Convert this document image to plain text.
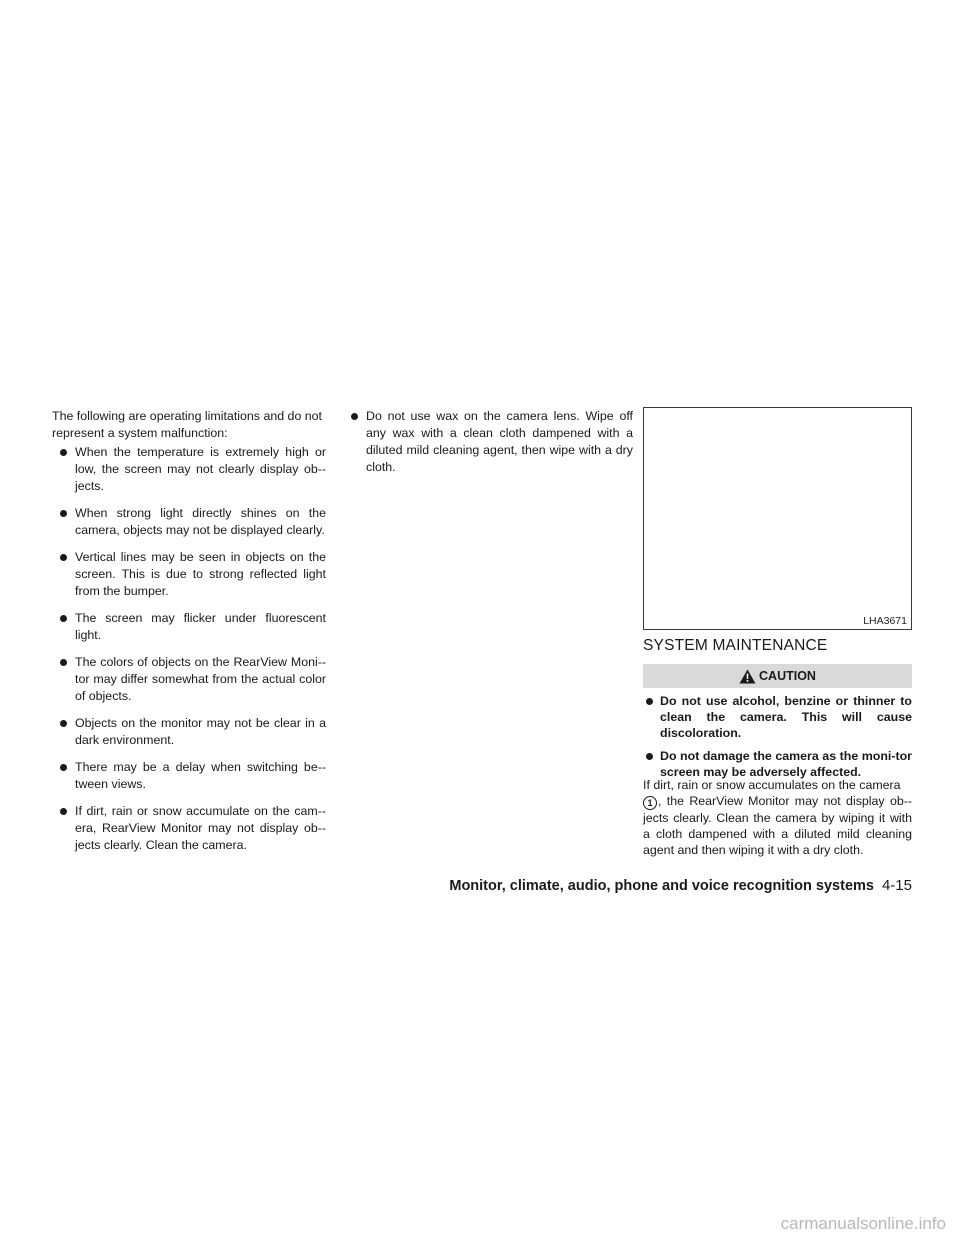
The following are operating limitations and do not represent a system malfunction:
When the temperature is extremely high or low, the screen may not clearly display ob-jects.
When strong light directly shines on the camera, objects may not be displayed clearly.
Vertical lines may be seen in objects on the screen. This is due to strong reflected light from the bumper.
The screen may flicker under fluorescent light.
The colors of objects on the RearView Moni-tor may differ somewhat from the actual color of objects.
Objects on the monitor may not be clear in a dark environment.
There may be a delay when switching be-tween views.
If dirt, rain or snow accumulate on the cam-era, RearView Monitor may not display ob-jects clearly. Clean the camera.
Do not use wax on the camera lens. Wipe off any wax with a clean cloth dampened with a diluted mild cleaning agent, then wipe with a dry cloth.
LHA3671
SYSTEM MAINTENANCE
CAUTION
Do not use alcohol, benzine or thinner to clean the camera. This will cause discoloration.
Do not damage the camera as the moni-tor screen may be adversely affected.
If dirt, rain or snow accumulates on the camera
1 , the RearView Monitor may not display ob-jects clearly. Clean the camera by wiping it with a cloth dampened with a diluted mild cleaning agent and then wiping it with a dry cloth.
Monitor, climate, audio, phone and voice recognition systems 4-15
carmanualsonline.info
